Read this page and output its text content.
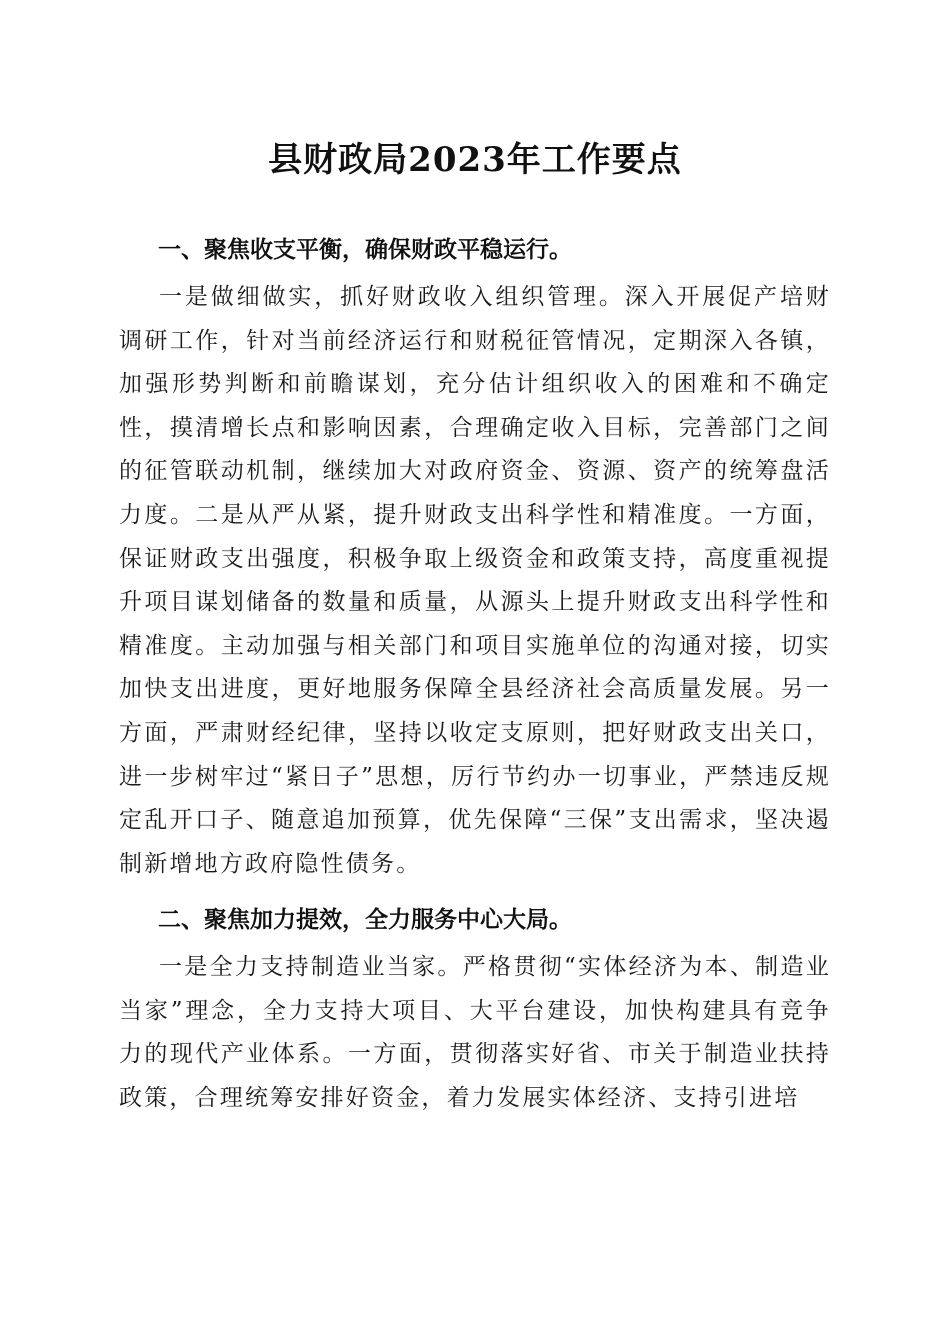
县财政局2023年工作要点

一、聚焦收支平衡，确保财政平稳运行。

一是做细做实，抓好财政收入组织管理。深入开展促产培财调研工作，针对当前经济运行和财税征管情况，定期深入各镇，加强形势判断和前瞻谋划，充分估计组织收入的困难和不确定性，摸清增长点和影响因素，合理确定收入目标，完善部门之间的征管联动机制，继续加大对政府资金、资源、资产的统筹盘活力度。二是从严从紧，提升财政支出科学性和精准度。一方面，保证财政支出强度，积极争取上级资金和政策支持，高度重视提升项目谋划储备的数量和质量，从源头上提升财政支出科学性和精准度。主动加强与相关部门和项目实施单位的沟通对接，切实加快支出进度，更好地服务保障全县经济社会高质量发展。另一方面，严肃财经纪律，坚持以收定支原则，把好财政支出关口，进一步树牢过“紧日子”思想，厉行节约办一切事业，严禁违反规定乱开口子、随意追加预算，优先保障“三保”支出需求，坚决遏制新增地方政府隐性债务。

二、聚焦加力提效，全力服务中心大局。

一是全力支持制造业当家。严格贯彻“实体经济为本、制造业当家”理念，全力支持大项目、大平台建设，加快构建具有竞争力的现代产业体系。一方面，贯彻落实好省、市关于制造业扶持政策，合理统筹安排好资金，着力发展实体经济、支持引进培
